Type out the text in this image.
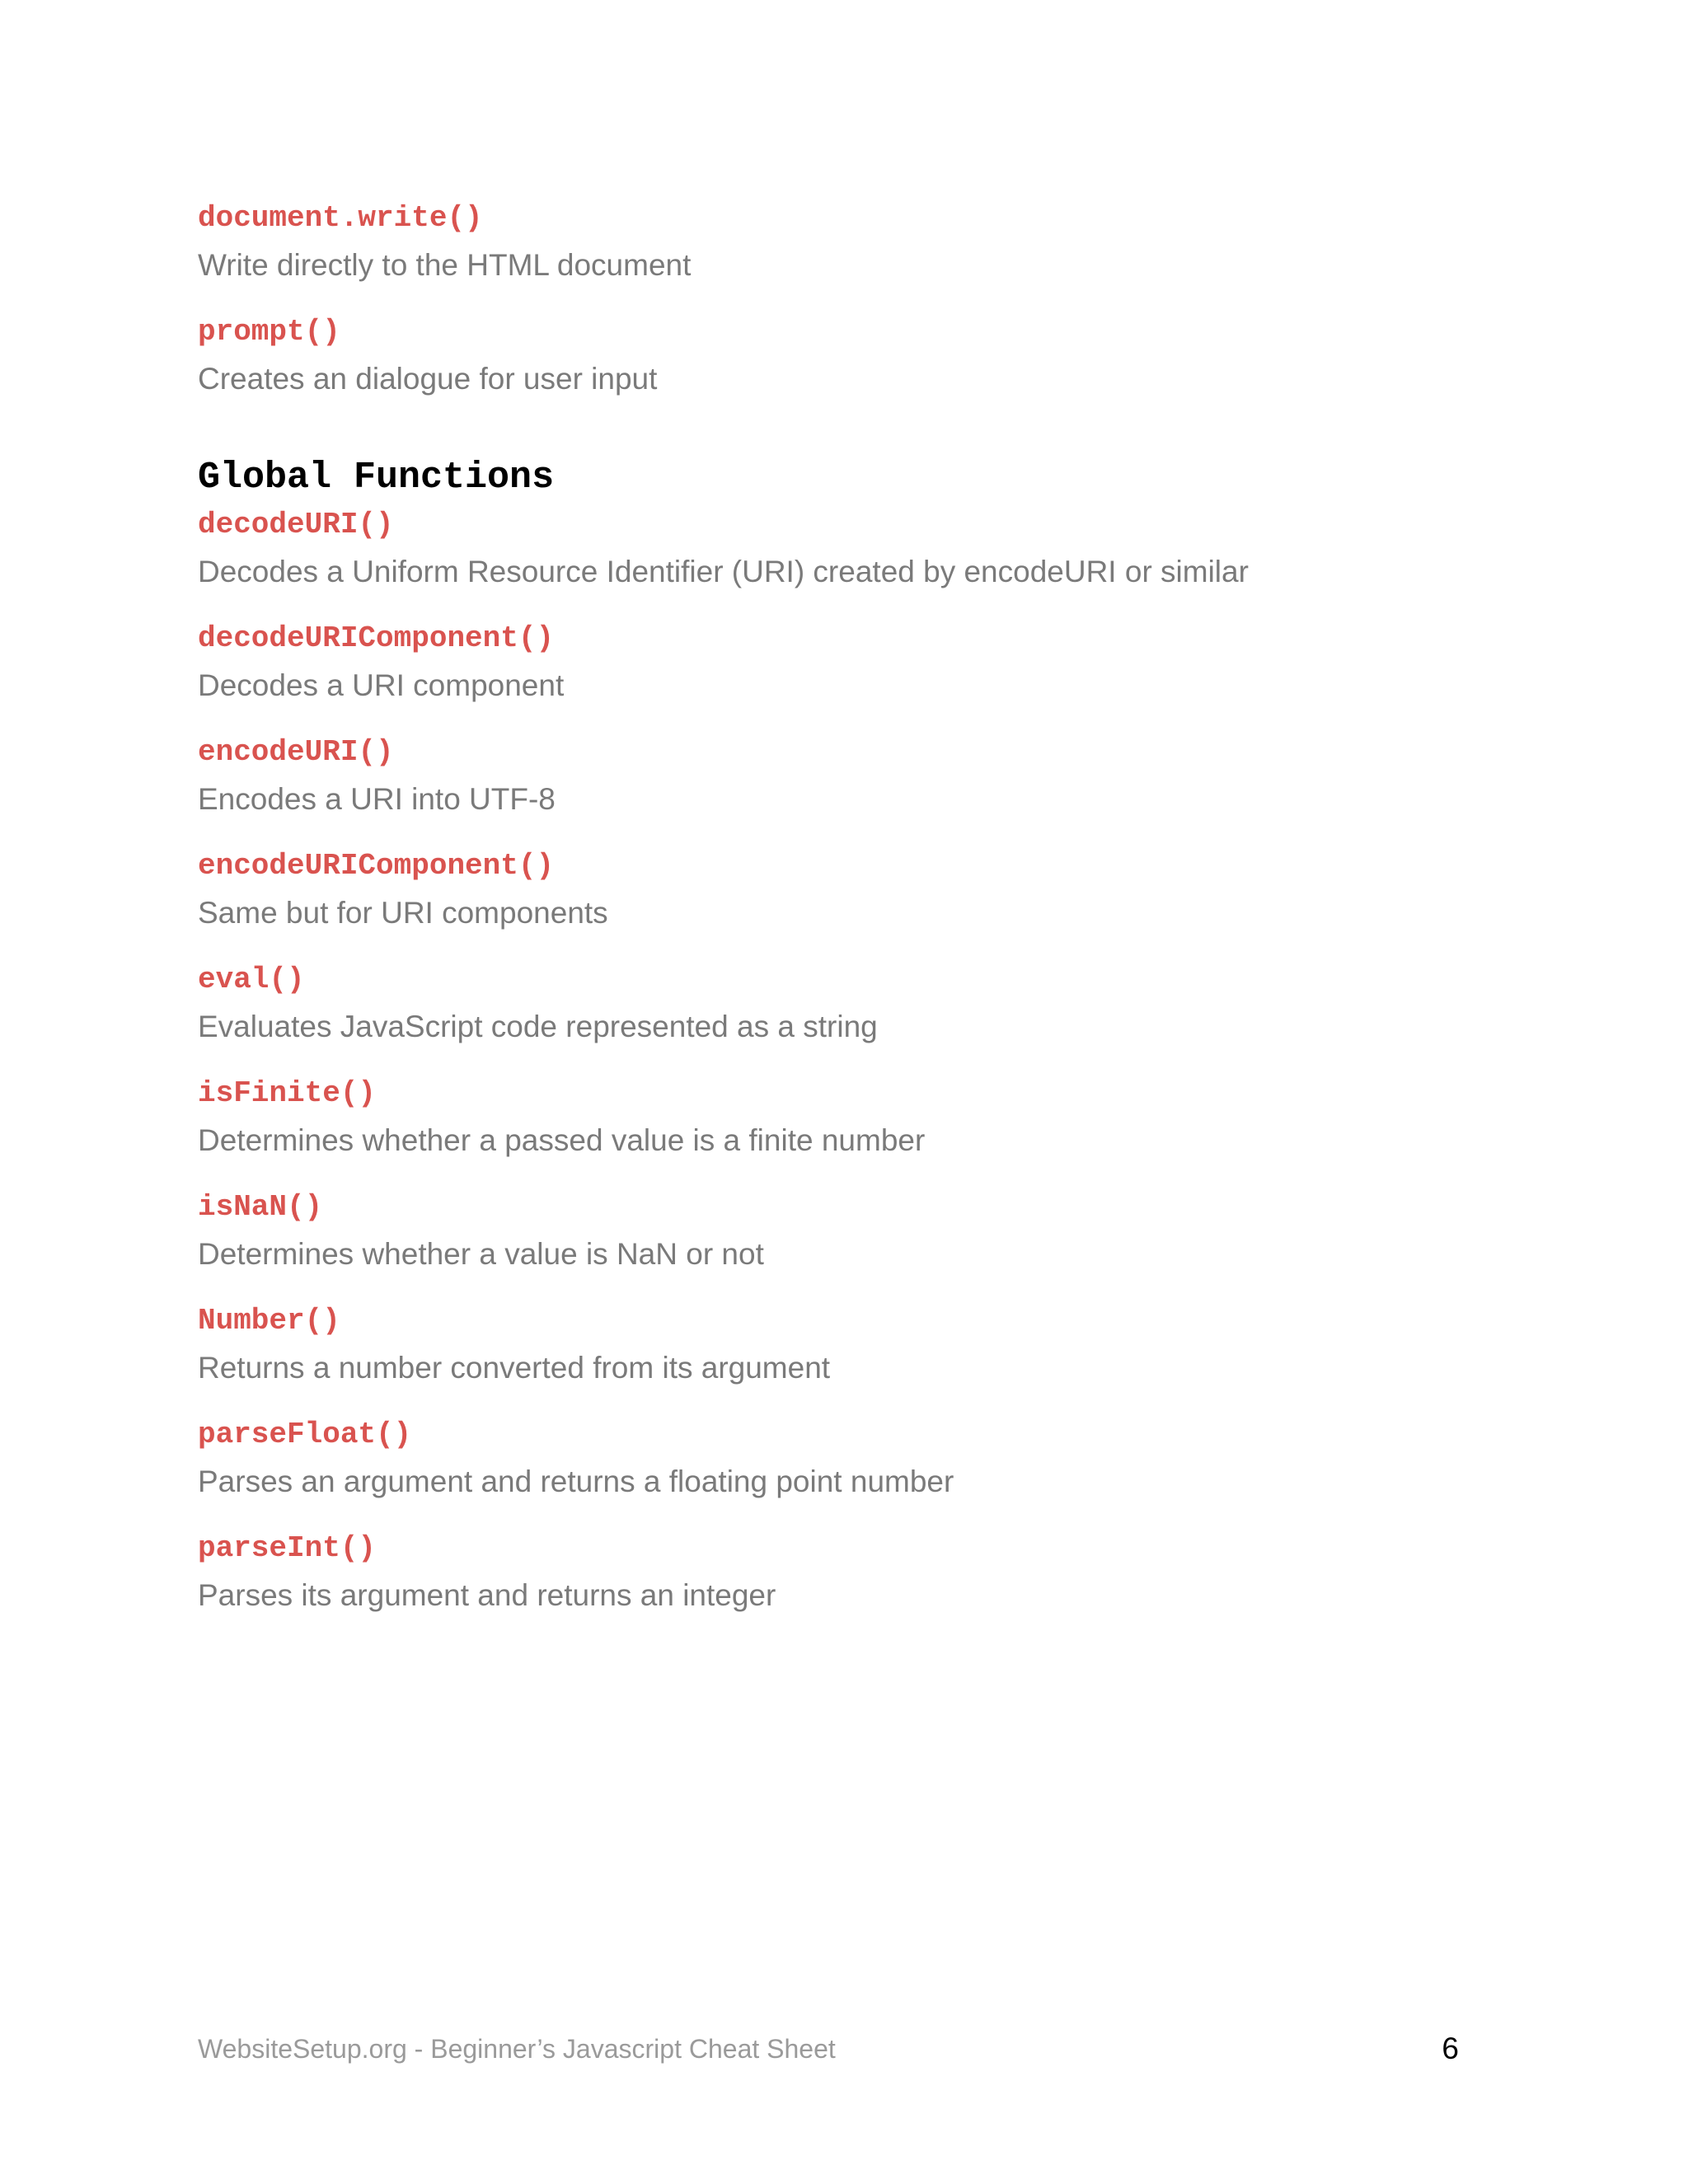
document.write()
Write directly to the HTML document
prompt()
Creates an dialogue for user input
Global Functions
decodeURI()
Decodes a Uniform Resource Identifier (URI) created by encodeURI or similar
decodeURIComponent()
Decodes a URI component
encodeURI()
Encodes a URI into UTF-8
encodeURIComponent()
Same but for URI components
eval()
Evaluates JavaScript code represented as a string
isFinite()
Determines whether a passed value is a finite number
isNaN()
Determines whether a value is NaN or not
Number()
Returns a number converted from its argument
parseFloat()
Parses an argument and returns a floating point number
parseInt()
Parses its argument and returns an integer
WebsiteSetup.org - Beginner’s Javascript Cheat Sheet	6
